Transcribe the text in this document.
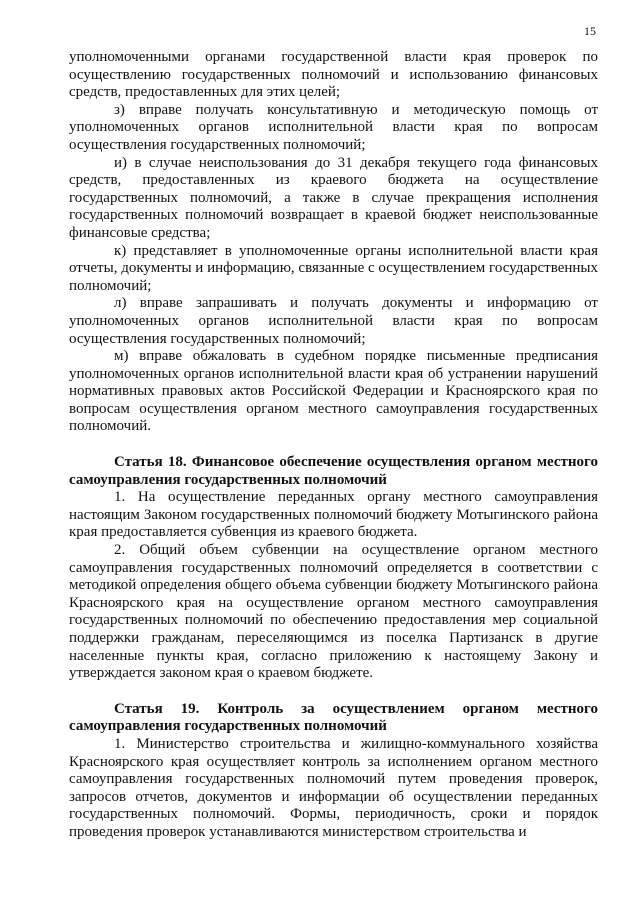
15

уполномоченными органами государственной власти края проверок по осуществлению государственных полномочий и использованию финансовых средств, предоставленных для этих целей;

з) вправе получать консультативную и методическую помощь от уполномоченных органов исполнительной власти края по вопросам осуществления государственных полномочий;

и) в случае неиспользования до 31 декабря текущего года финансовых средств, предоставленных из краевого бюджета на осуществление государственных полномочий, а также в случае прекращения исполнения государственных полномочий возвращает в краевой бюджет неиспользованные финансовые средства;

к) представляет в уполномоченные органы исполнительной власти края отчеты, документы и информацию, связанные с осуществлением государственных полномочий;

л) вправе запрашивать и получать документы и информацию от уполномоченных органов исполнительной власти края по вопросам осуществления государственных полномочий;

м) вправе обжаловать в судебном порядке письменные предписания уполномоченных органов исполнительной власти края об устранении нарушений нормативных правовых актов Российской Федерации и Красноярского края по вопросам осуществления органом местного самоуправления государственных полномочий.

Статья 18. Финансовое обеспечение осуществления органом местного самоуправления государственных полномочий

1. На осуществление переданных органу местного самоуправления настоящим Законом государственных полномочий бюджету Мотыгинского района края предоставляется субвенция из краевого бюджета.

2. Общий объем субвенции на осуществление органом местного самоуправления государственных полномочий определяется в соответствии с методикой определения общего объема субвенции бюджету Мотыгинского района Красноярского края на осуществление органом местного самоуправления государственных полномочий по обеспечению предоставления мер социальной поддержки гражданам, переселяющимся из поселка Партизанск в другие населенные пункты края, согласно приложению к настоящему Закону и утверждается законом края о краевом бюджете.

Статья 19. Контроль за осуществлением органом местного самоуправления государственных полномочий

1. Министерство строительства и жилищно-коммунального хозяйства Красноярского края осуществляет контроль за исполнением органом местного самоуправления государственных полномочий путем проведения проверок, запросов отчетов, документов и информации об осуществлении переданных государственных полномочий. Формы, периодичность, сроки и порядок проведения проверок устанавливаются министерством строительства и
